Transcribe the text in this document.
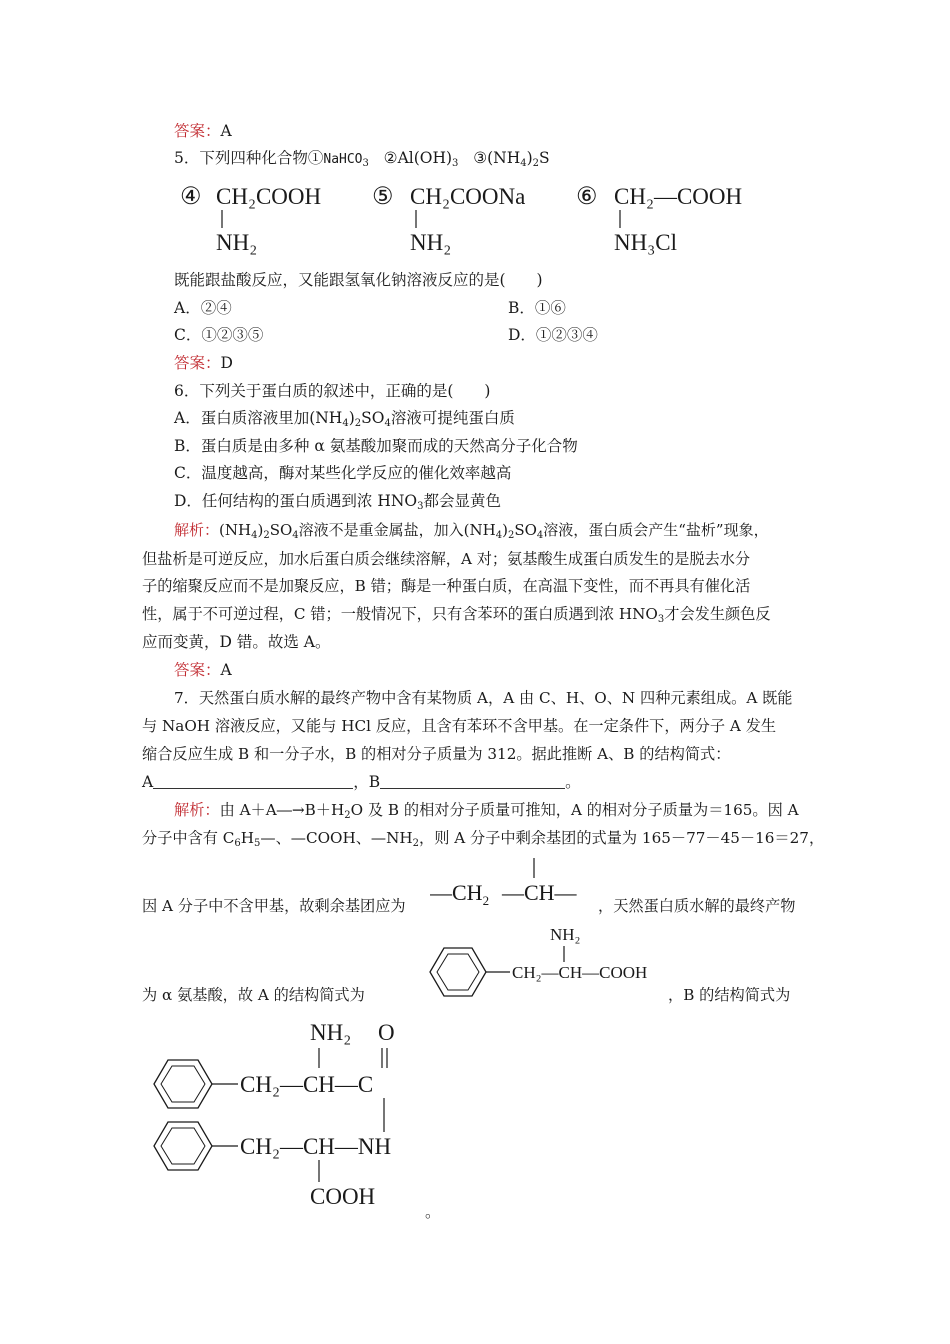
答案：A
5．下列四种化合物①NaHCO$_3$ $②Al(OH)_3$ $③(NH_4)_2S$
④ CH₂COOH
NH₂
⑤ CH₂COONa
NH₂
⑥ CH₂—COOH
NH₃Cl
既能跟盐酸反应，又能跟氢氧化钠溶液反应的是(　　)
A．②④	B．①⑥
C．①②③⑤	D．①②③④
答案：D
6．下列关于蛋白质的叙述中，正确的是(　　)
A．蛋白质溶液里加$(NH_4)_2SO_4$溶液可提纯蛋白质
B．蛋白质是由多种 α 氨基酸加聚而成的天然高分子化合物
C．温度越高，酶对某些化学反应的催化效率越高
D．任何结构的蛋白质遇到浓 $HNO_3$都会显黄色
解析：$(NH_4)_2SO_4$溶液不是重金属盐，加入$(NH_4)_2SO_4$溶液，蛋白质会产生“盐析”现象，
但盐析是可逆反应，加水后蛋白质会继续溶解，A 对；氨基酸生成蛋白质发生的是脱去水分
子的缩聚反应而不是加聚反应，B 错；酶是一种蛋白质，在高温下变性，而不再具有催化活
性，属于不可逆过程，C 错；一般情况下，只有含苯环的蛋白质遇到浓 $HNO_3$才会发生颜色反
应而变黄，D 错。故选 A。
答案：A
7．天然蛋白质水解的最终产物中含有某物质 A，A 由 C、H、O、N 四种元素组成。A 既能
与 NaOH 溶液反应，又能与 HCl 反应，且含有苯环不含甲基。在一定条件下，两分子 A 发生
缩合反应生成 B 和一分子水，B 的相对分子质量为 312。据此推断 A、B 的结构简式：
A	，B	。
解析：由 $A+A―\to B+H_2O$ 及 B 的相对分子质量可推知，A 的相对分子质量为＝165。因 A
分子中含有 $C_6H_5—$、—COOH、$—NH_2$，则 A 分子中剩余基团的式量为 165－77－45－16＝27，
因 A 分子中不含甲基，故剩余基团应为
$—CH_2$ —CH—
，天然蛋白质水解的最终产物
为 α 氨基酸，故 A 的结构简式为
NH₂
CH₂—CH—COOH
，B 的结构简式为
NH₂ O
CH₂—CH—C
CH₂—CH—NH
COOH
。
